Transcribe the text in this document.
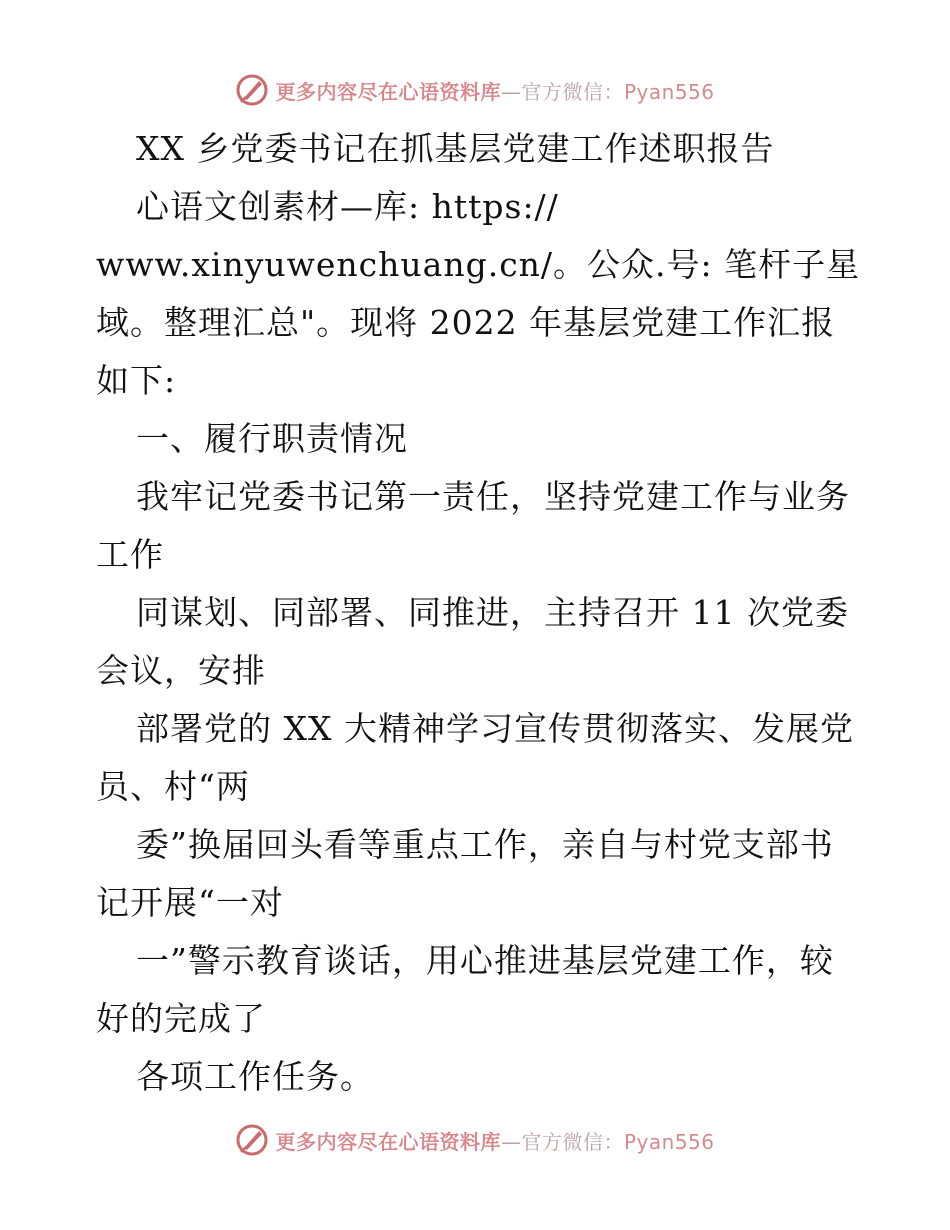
更多内容尽在心语资料库—官方微信：Pyan556
XX 乡党委书记在抓基层党建工作述职报告
心语文创素材—库: https://
www.xinyuwenchuang.cn/。公众.号: 笔杆子星
域。整理汇总"。现将 2022 年基层党建工作汇报
如下:
一、履行职责情况
我牢记党委书记第一责任，坚持党建工作与业务
工作
同谋划、同部署、同推进，主持召开 11 次党委
会议，安排
部署党的 XX 大精神学习宣传贯彻落实、发展党
员、村“两
委”换届回头看等重点工作，亲自与村党支部书
记开展“一对
一”警示教育谈话，用心推进基层党建工作，较
好的完成了
各项工作任务。
更多内容尽在心语资料库—官方微信：Pyan556
